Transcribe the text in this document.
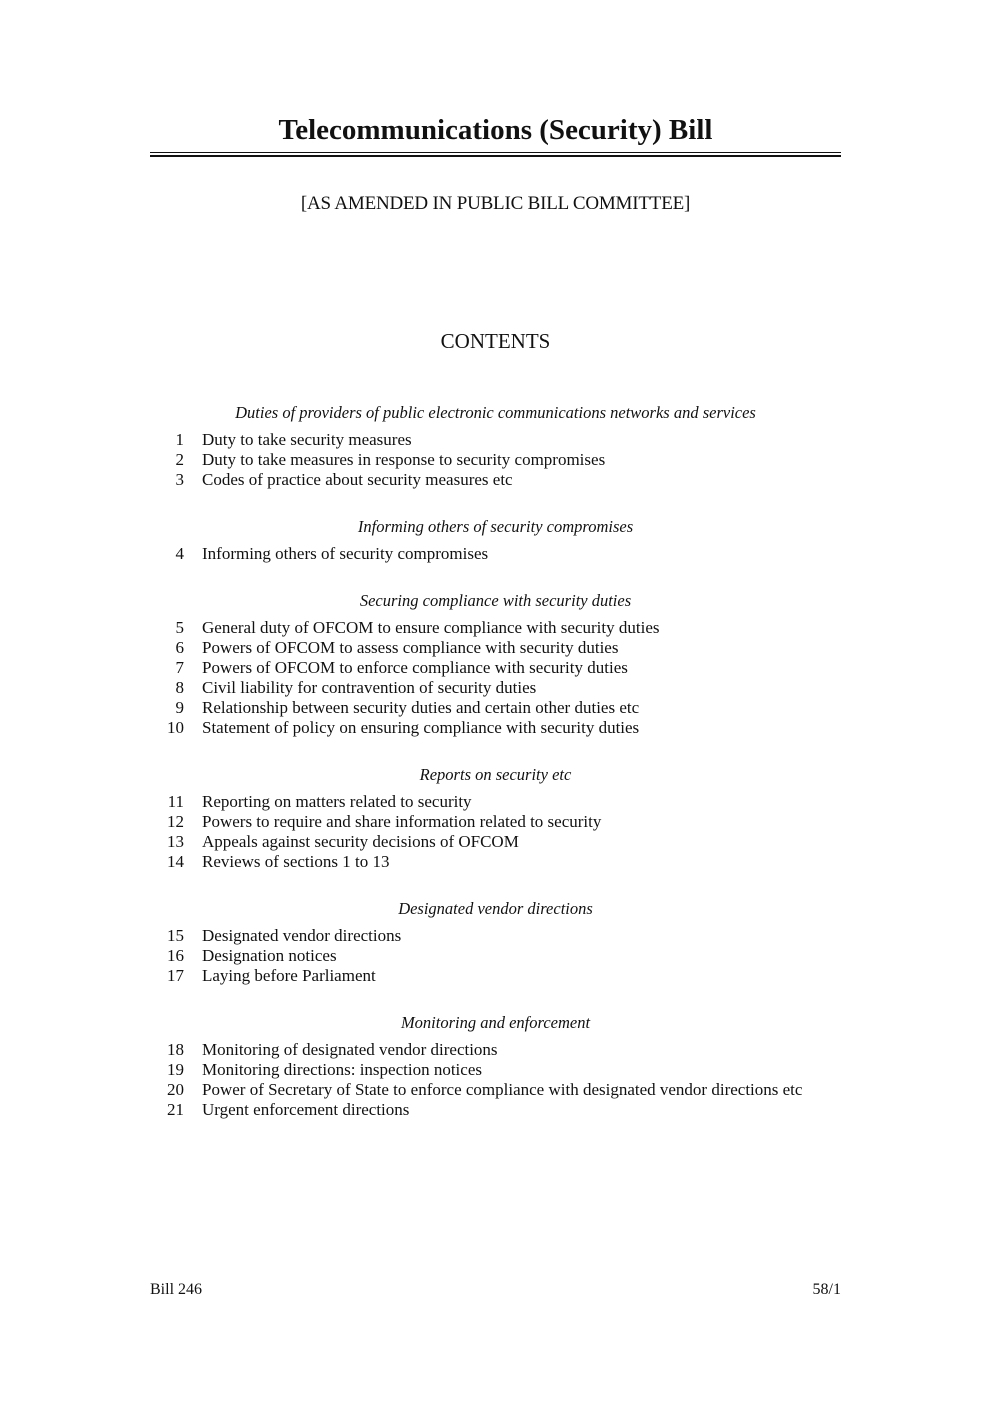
Telecommunications (Security) Bill
[AS AMENDED IN PUBLIC BILL COMMITTEE]
CONTENTS
Duties of providers of public electronic communications networks and services
1	Duty to take security measures
2	Duty to take measures in response to security compromises
3	Codes of practice about security measures etc
Informing others of security compromises
4	Informing others of security compromises
Securing compliance with security duties
5	General duty of OFCOM to ensure compliance with security duties
6	Powers of OFCOM to assess compliance with security duties
7	Powers of OFCOM to enforce compliance with security duties
8	Civil liability for contravention of security duties
9	Relationship between security duties and certain other duties etc
10	Statement of policy on ensuring compliance with security duties
Reports on security etc
11	Reporting on matters related to security
12	Powers to require and share information related to security
13	Appeals against security decisions of OFCOM
14	Reviews of sections 1 to 13
Designated vendor directions
15	Designated vendor directions
16	Designation notices
17	Laying before Parliament
Monitoring and enforcement
18	Monitoring of designated vendor directions
19	Monitoring directions: inspection notices
20	Power of Secretary of State to enforce compliance with designated vendor directions etc
21	Urgent enforcement directions
Bill 246	58/1
